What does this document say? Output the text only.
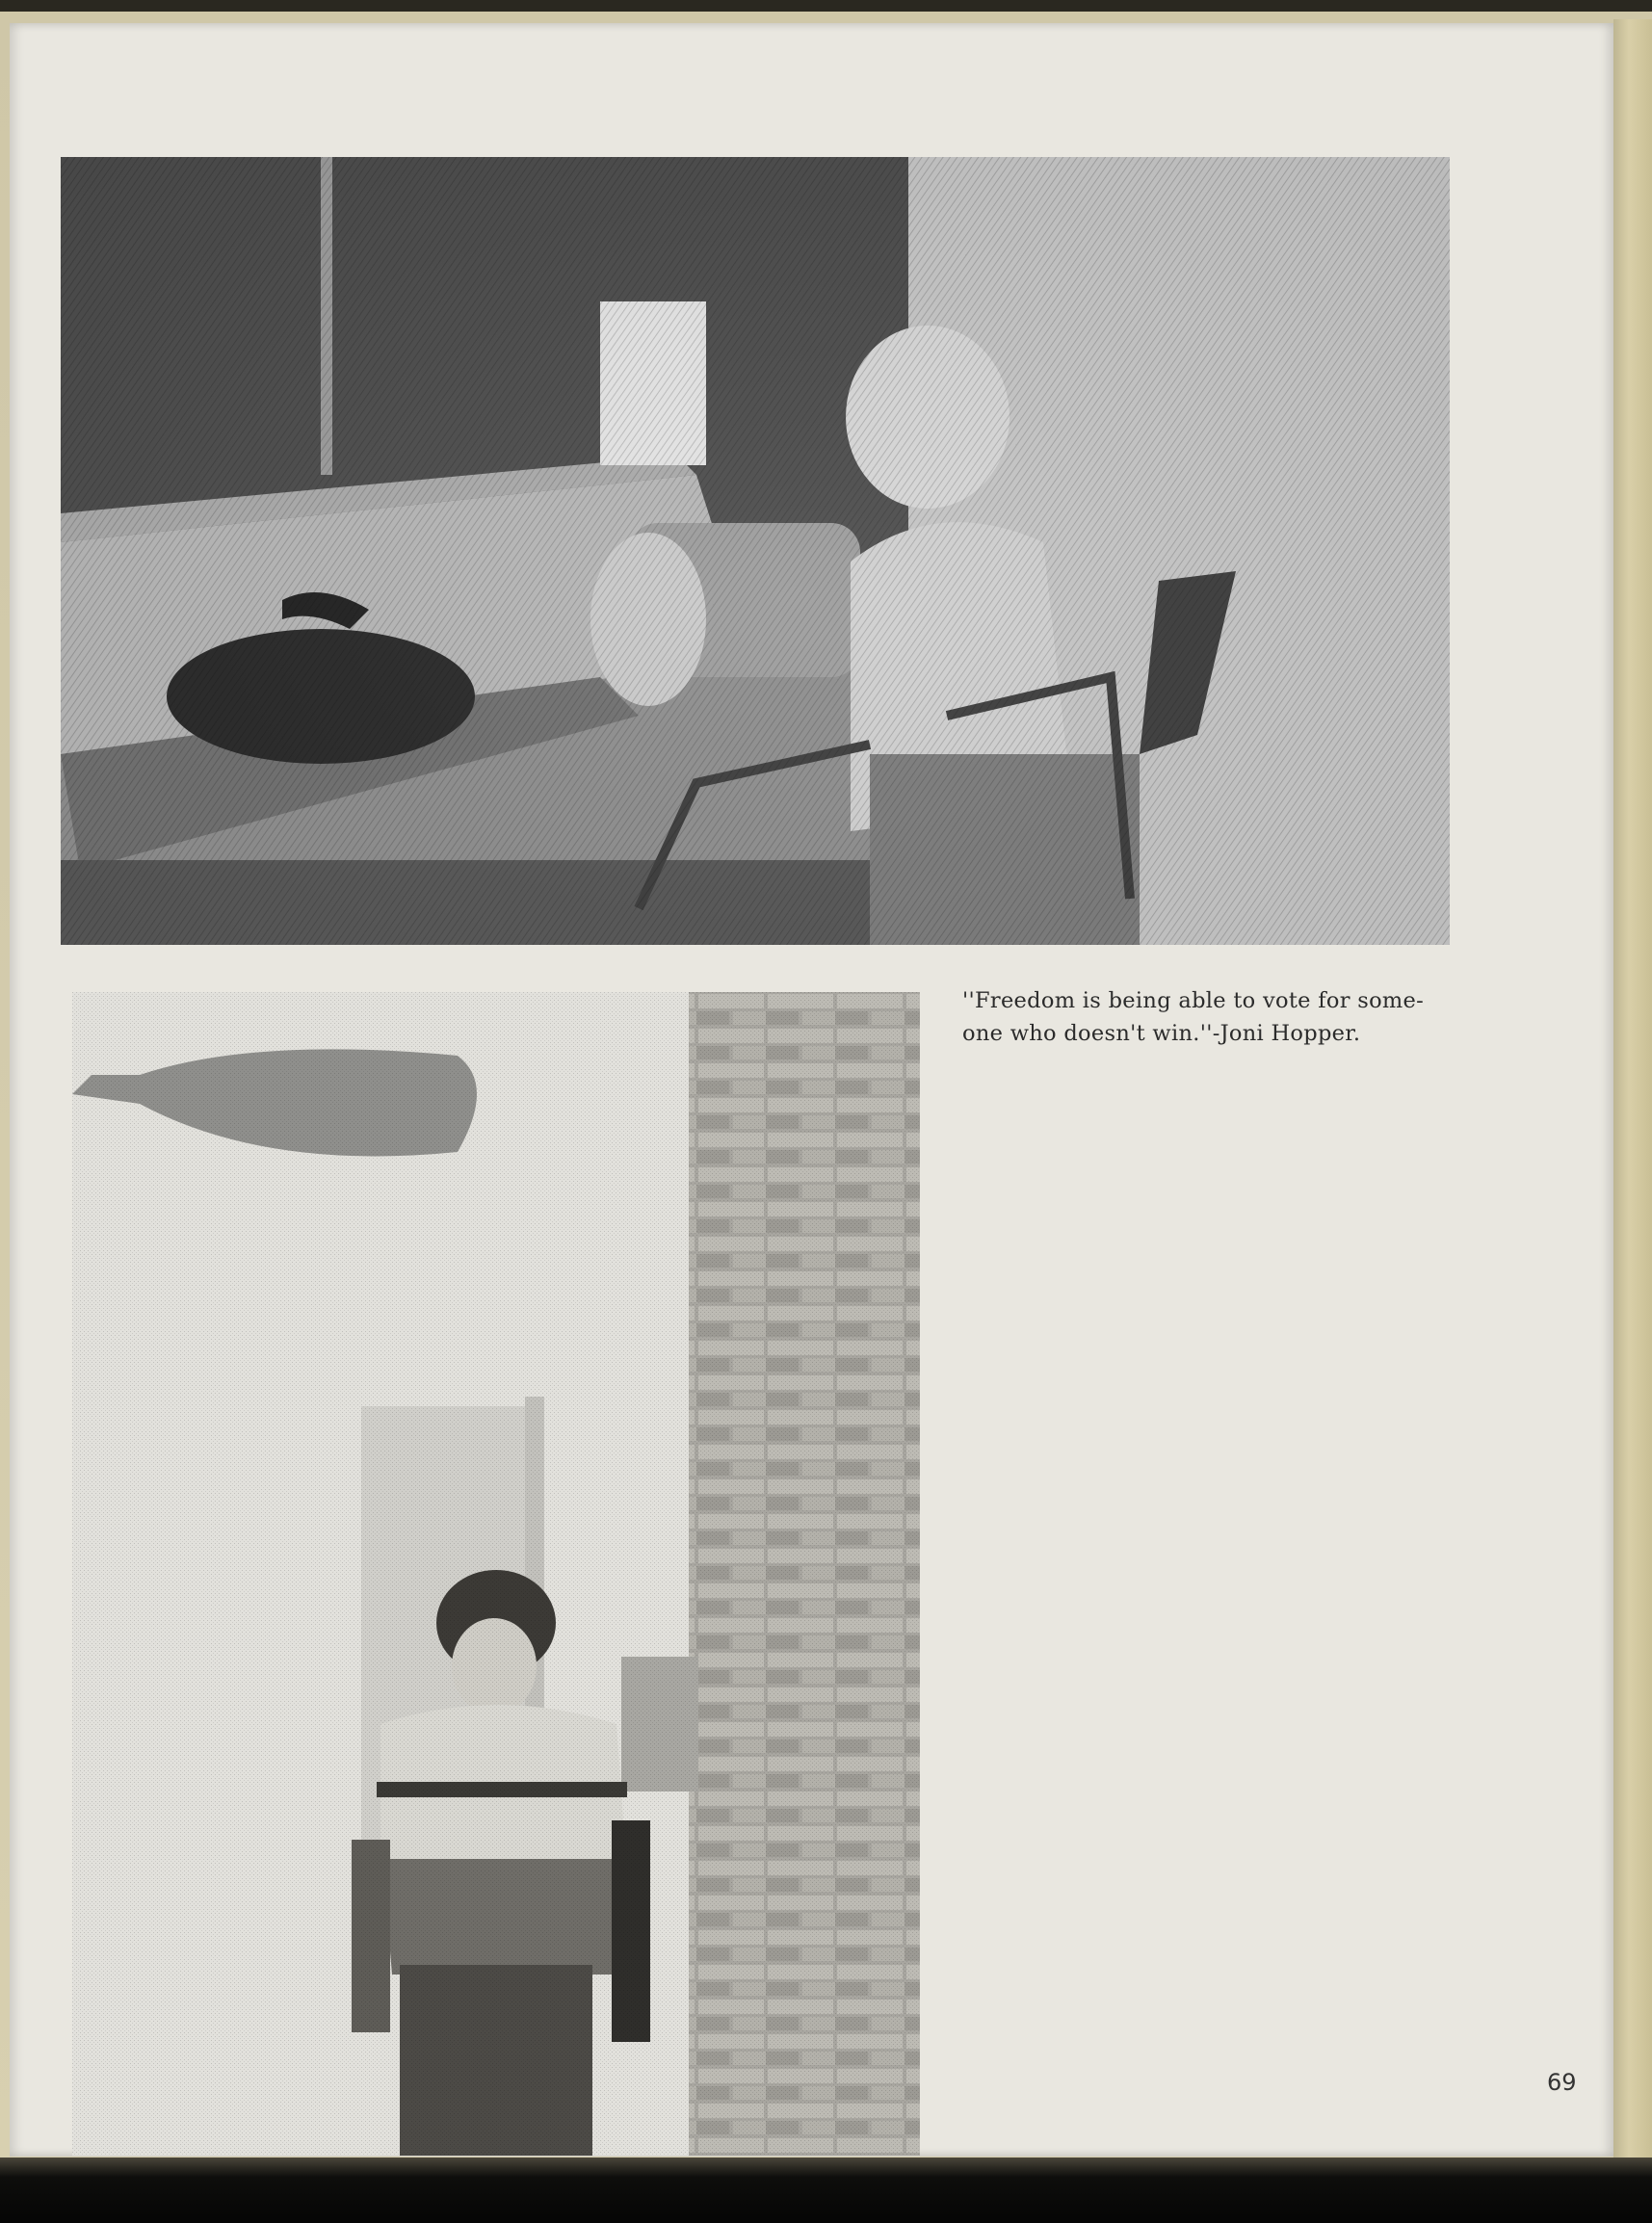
''Freedom is being able to vote for some-
one who doesn't win.''-Joni Hopper.
69
